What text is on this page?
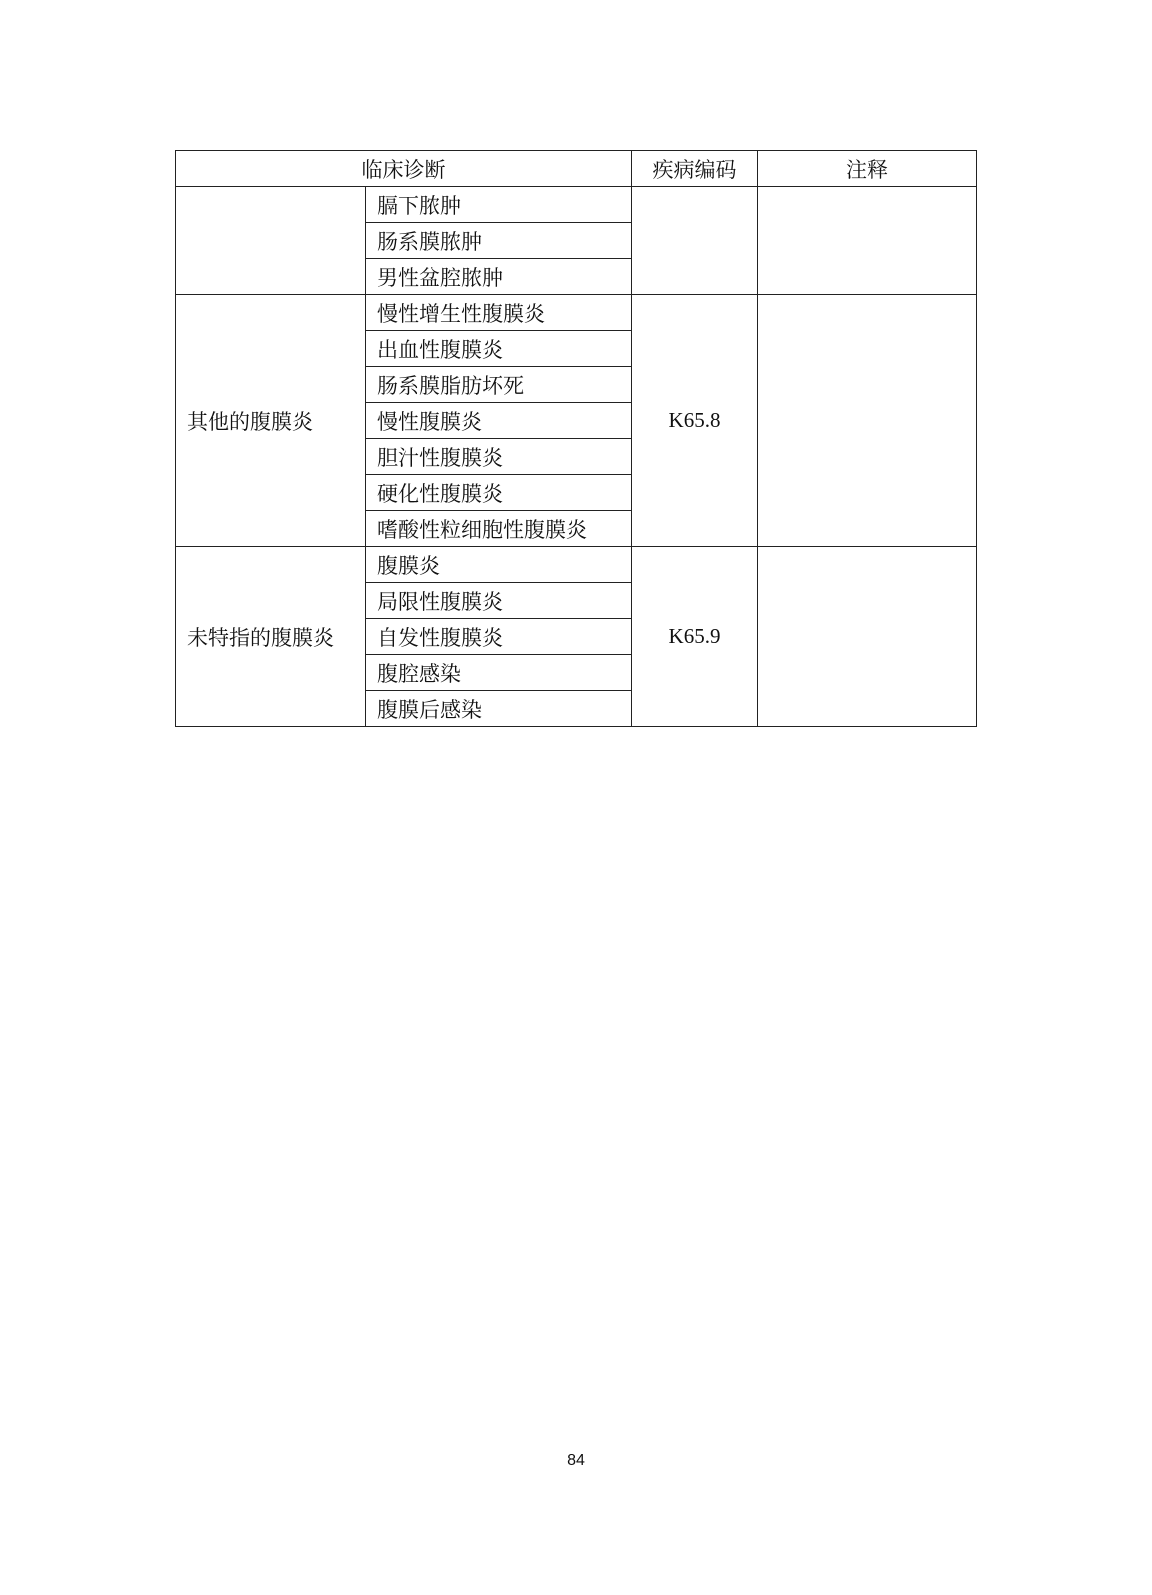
临床诊断		疾病编码	注释
	膈下脓肿		
	肠系膜脓肿		
	男性盆腔脓肿		
其他的腹膜炎	慢性增生性腹膜炎	K65.8	
	出血性腹膜炎		
	肠系膜脂肪坏死		
	慢性腹膜炎		
	胆汁性腹膜炎		
	硬化性腹膜炎		
	嗜酸性粒细胞性腹膜炎		
未特指的腹膜炎	腹膜炎	K65.9	
	局限性腹膜炎		
	自发性腹膜炎		
	腹腔感染		
	腹膜后感染		
84
